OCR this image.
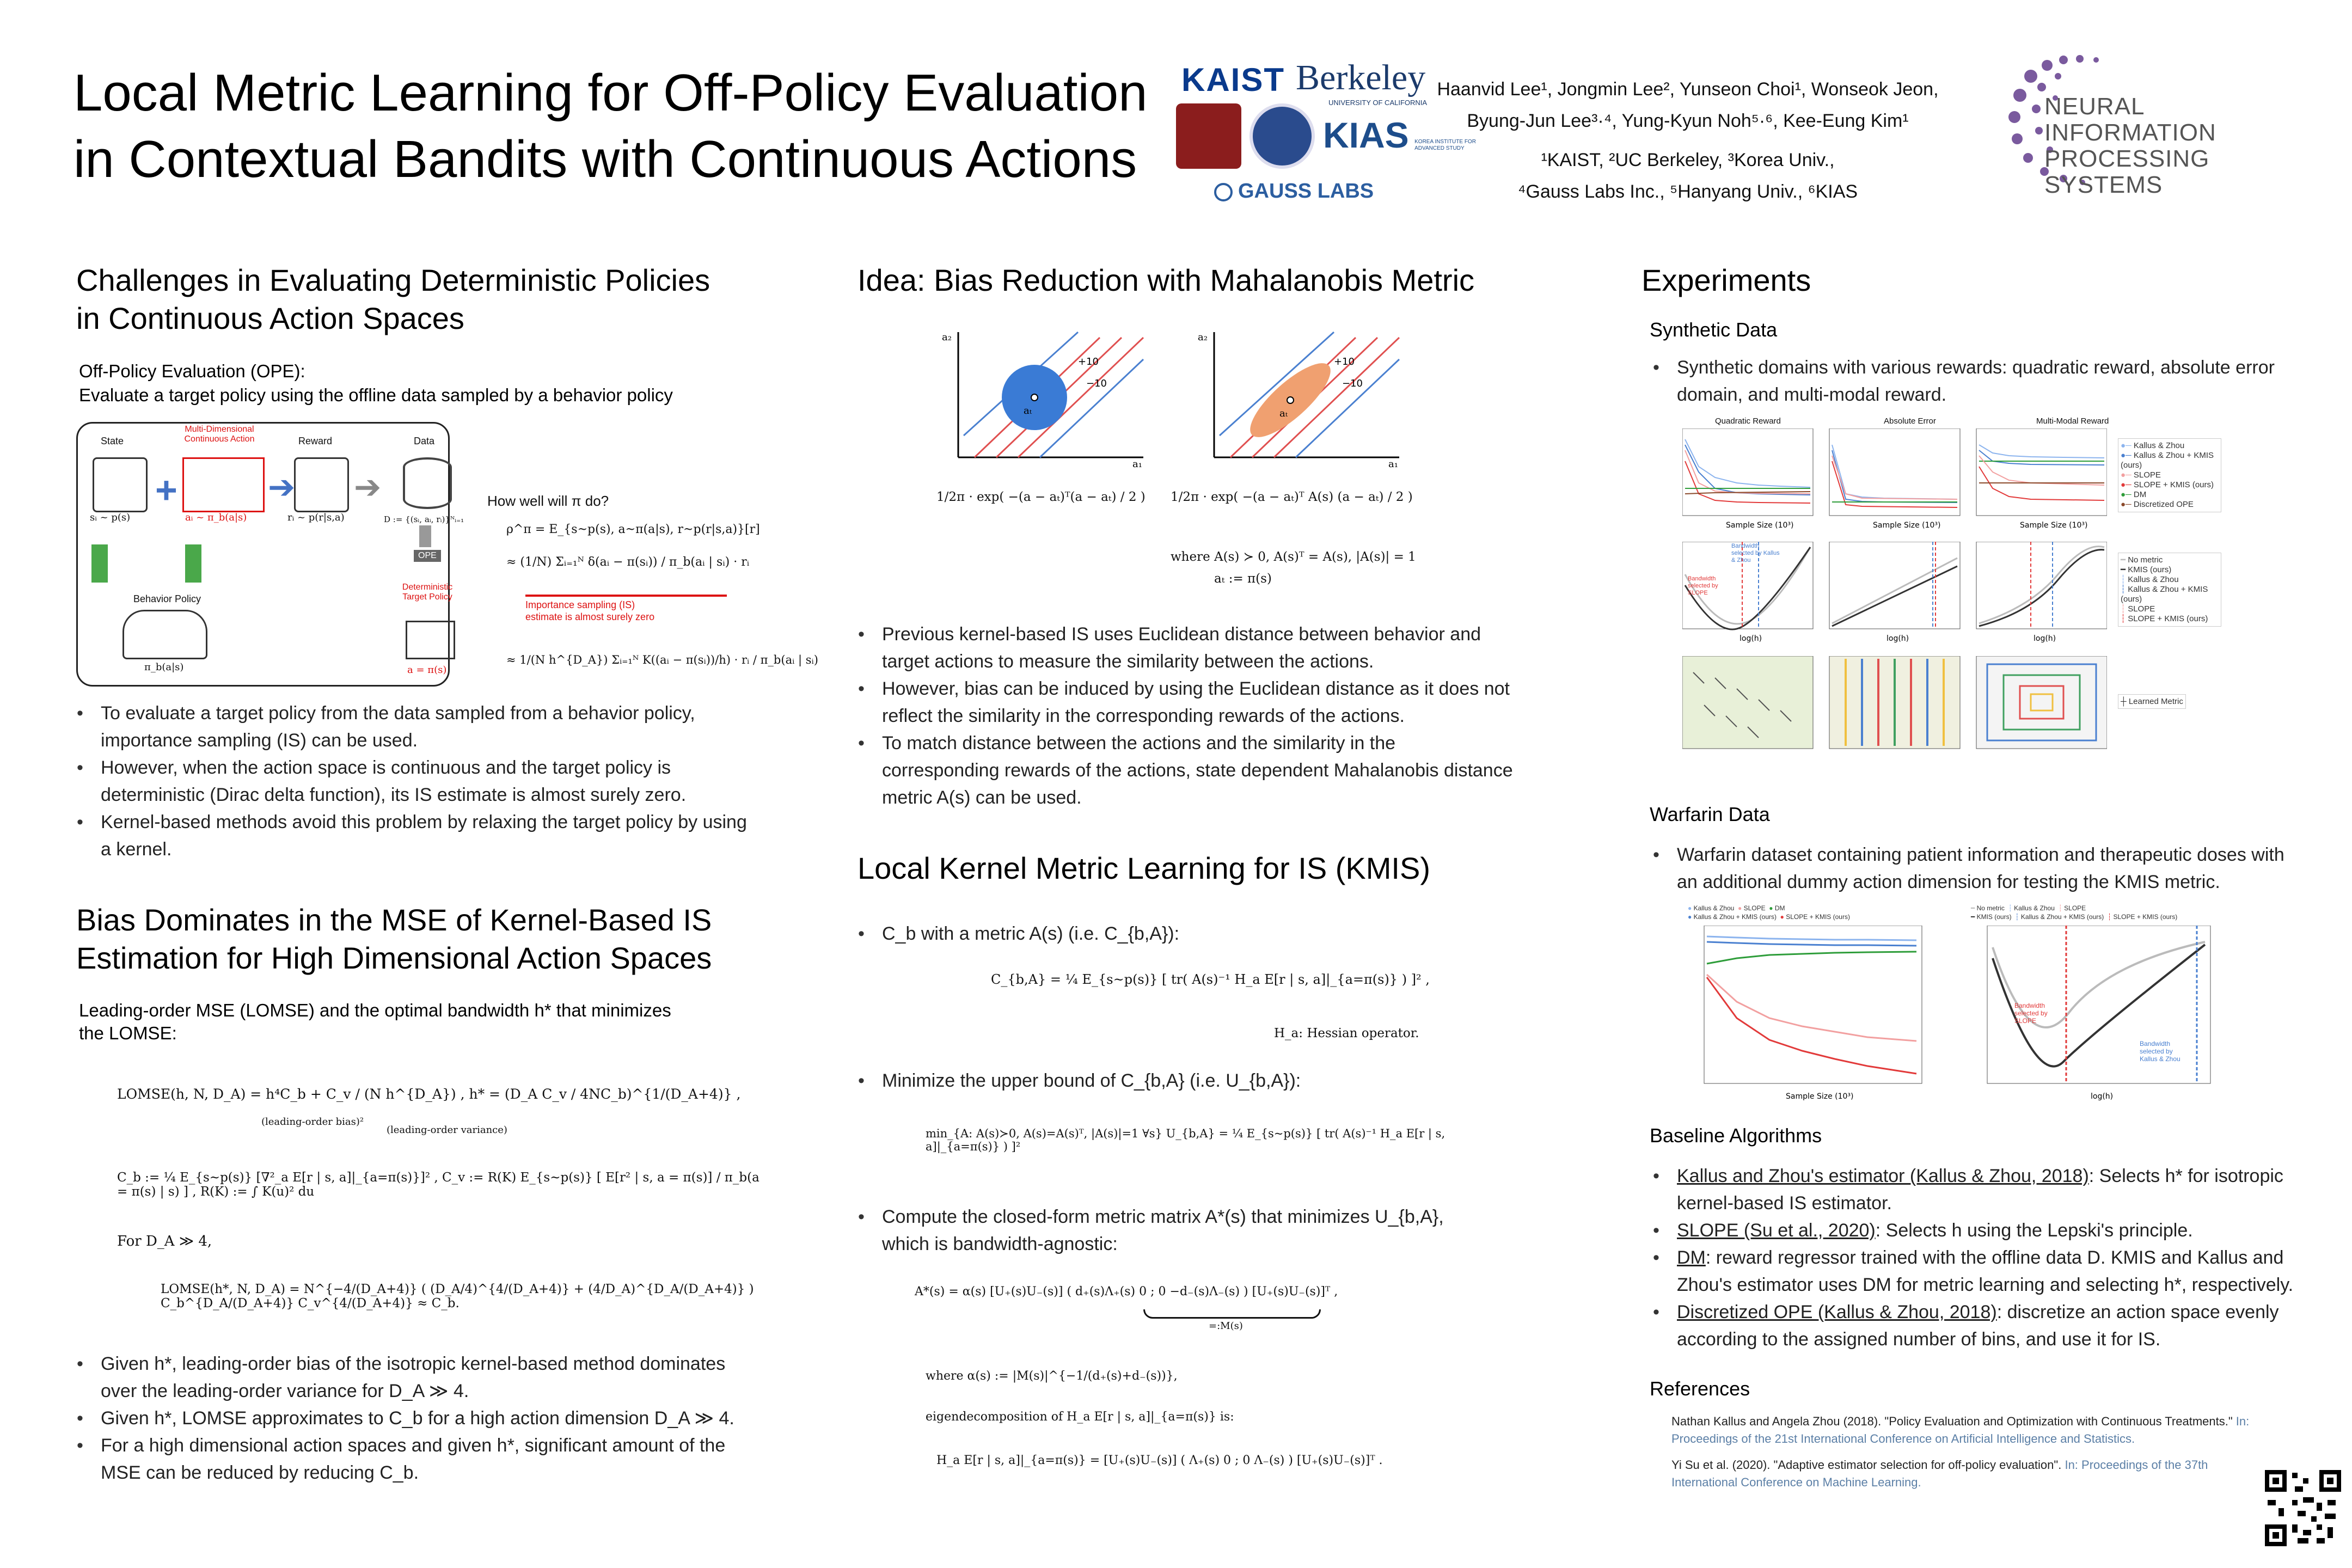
Local Metric Learning for Off-Policy Evaluation
in Contextual Bandits with Continuous Actions
KAIST Berkeley
UNIVERSITY OF CALIFORNIA
KIAS KOREA INSTITUTE FOR ADVANCED STUDY
GAUSS LABS
Haanvid Lee¹, Jongmin Lee², Yunseon Choi¹, Wonseok Jeon,
Byung-Jun Lee³·⁴, Yung-Kyun Noh⁵·⁶, Kee-Eung Kim¹
¹KAIST, ²UC Berkeley, ³Korea Univ.,
⁴Gauss Labs Inc., ⁵Hanyang Univ., ⁶KIAS
NEURAL INFORMATION
PROCESSING SYSTEMS
Challenges in Evaluating Deterministic Policies
in Continuous Action Spaces
Off-Policy Evaluation (OPE):
Evaluate a target policy using the offline data sampled by a behavior policy
State
Multi-Dimensional Continuous Action	Reward	Data
+	➔ ➔
sᵢ ~ p(s)	aᵢ ~ π_b(a|s)	rᵢ ~ p(r|s,a)	D := {(sᵢ, aᵢ, rᵢ)}ᴺᵢ₌₁
Behavior Policy
π_b(a|s)
OPE
Deterministic Target Policy
a = π(s)
How well will π do?
ρ^π = E_{s~p(s), a~π(a|s), r~p(r|s,a)}[r]
≈ (1/N) Σᵢ₌₁ᴺ δ(aᵢ − π(sᵢ)) / π_b(aᵢ | sᵢ) · rᵢ
Importance sampling (IS)
estimate is almost surely zero
≈ 1/(N h^{D_A}) Σᵢ₌₁ᴺ K((aᵢ − π(sᵢ))/h) · rᵢ / π_b(aᵢ | sᵢ)
• To evaluate a target policy from the data sampled from a behavior policy, importance sampling (IS) can be used.
• However, when the action space is continuous and the target policy is deterministic (Dirac delta function), its IS estimate is almost surely zero.
• Kernel-based methods avoid this problem by relaxing the target policy by using a kernel.
Bias Dominates in the MSE of Kernel-Based IS
Estimation for High Dimensional Action Spaces
Leading-order MSE (LOMSE) and the optimal bandwidth h* that minimizes
the LOMSE:
LOMSE(h, N, D_A) = h⁴C_b + C_v / (N h^{D_A}) , h* = (D_A C_v / 4NC_b)^{1/(D_A+4)} ,
(leading-order bias)²
(leading-order variance)
C_b := ¼ E_{s~p(s)} [∇²_a E[r | s, a]|_{a=π(s)}]² , C_v := R(K) E_{s~p(s)} [ E[r² | s, a = π(s)] / π_b(a = π(s) | s) ] , R(K) := ∫ K(u)² du
For D_A ≫ 4,
LOMSE(h*, N, D_A) = N^{−4/(D_A+4)} ( (D_A/4)^{4/(D_A+4)} + (4/D_A)^{D_A/(D_A+4)} ) C_b^{D_A/(D_A+4)} C_v^{4/(D_A+4)} ≈ C_b.
• Given h*, leading-order bias of the isotropic kernel-based method dominates over the leading-order variance for D_A ≫ 4.
• Given h*, LOMSE approximates to C_b for a high action dimension D_A ≫ 4.
• For a high dimensional action spaces and given h*, significant amount of the MSE can be reduced by reducing C_b.
Idea: Bias Reduction with Mahalanobis Metric
a₁
a₂
aₜ
+10
−10
a₁
a₂
aₜ
+10
−10
1/2π · exp( −(a − aₜ)ᵀ(a − aₜ) / 2 ) 1/2π · exp( −(a − aₜ)ᵀ A(s) (a − aₜ) / 2 )
where A(s) ≻ 0, A(s)ᵀ = A(s), |A(s)| = 1
aₜ := π(s)
• Previous kernel-based IS uses Euclidean distance between behavior and target actions to measure the similarity between the actions.
• However, bias can be induced by using the Euclidean distance as it does not reflect the similarity in the corresponding rewards of the actions.
• To match distance between the actions and the similarity in the corresponding rewards of the actions, state dependent Mahalanobis distance metric A(s) can be used.
Local Kernel Metric Learning for IS (KMIS)
• C_b with a metric A(s) (i.e. C_{b,A}):
C_{b,A} = ¼ E_{s~p(s)} [ tr( A(s)⁻¹ H_a E[r | s, a]|_{a=π(s)} ) ]² ,
H_a: Hessian operator.
• Minimize the upper bound of C_{b,A} (i.e. U_{b,A}):
min_{A: A(s)≻0, A(s)=A(s)ᵀ, |A(s)|=1 ∀s} U_{b,A} = ¼ E_{s~p(s)} [ tr( A(s)⁻¹ H_a E[r | s, a]|_{a=π(s)} ) ]²
• Compute the closed-form metric matrix A*(s) that minimizes U_{b,A},
which is bandwidth-agnostic:
A*(s) = α(s) [U₊(s)U₋(s)] ( d₊(s)Λ₊(s) 0 ; 0 −d₋(s)Λ₋(s) ) [U₊(s)U₋(s)]ᵀ ,
=:M(s)
where α(s) := |M(s)|^{−1/(d₊(s)+d₋(s))},
eigendecomposition of H_a E[r | s, a]|_{a=π(s)} is:
H_a E[r | s, a]|_{a=π(s)} = [U₊(s)U₋(s)] ( Λ₊(s) 0 ; 0 Λ₋(s) ) [U₊(s)U₋(s)]ᵀ .
Experiments
Synthetic Data
• Synthetic domains with various rewards: quadratic reward, absolute error domain, and multi-modal reward.
Quadratic Reward	Absolute Error	Multi-Modal Reward
Sample Size (10³)	Sample Size (10³)	Sample Size (10³)
●─ Kallus & Zhou
●─ Kallus & Zhou + KMIS (ours)
●─ SLOPE
●─ SLOPE + KMIS (ours)
●─ DM
●─ Discretized OPE
log(h)	log(h)	log(h)
Bandwidth selected by Kallus & Zhou
Bandwidth selected by SLOPE
━ No metric
━ KMIS (ours)
┆ Kallus & Zhou
┆ Kallus & Zhou + KMIS (ours)
┆ SLOPE
┆ SLOPE + KMIS (ours)
┼ Learned Metric
Warfarin Data
• Warfarin dataset containing patient information and therapeutic doses with an additional dummy action dimension for testing the KMIS metric.
● Kallus & Zhou ● SLOPE ● DM
● Kallus & Zhou + KMIS (ours) ● SLOPE + KMIS (ours)
Sample Size (10³)
━ No metric ┆ Kallus & Zhou ┆ SLOPE
━ KMIS (ours) ┆ Kallus & Zhou + KMIS (ours) ┆ SLOPE + KMIS (ours)
log(h)
Bandwidth selected by SLOPE
Bandwidth selected by Kallus & Zhou
Baseline Algorithms
• Kallus and Zhou's estimator (Kallus & Zhou, 2018): Selects h* for isotropic kernel-based IS estimator.
• SLOPE (Su et al., 2020): Selects h using the Lepski's principle.
• DM: reward regressor trained with the offline data D. KMIS and Kallus and Zhou's estimator uses DM for metric learning and selecting h*, respectively.
• Discretized OPE (Kallus & Zhou, 2018): discretize an action space evenly according to the assigned number of bins, and use it for IS.
References
Nathan Kallus and Angela Zhou (2018). "Policy Evaluation and Optimization with Continuous Treatments." In: Proceedings of the 21st International Conference on Artificial Intelligence and Statistics.
Yi Su et al. (2020). "Adaptive estimator selection for off-policy evaluation". In: Proceedings of the 37th International Conference on Machine Learning.
